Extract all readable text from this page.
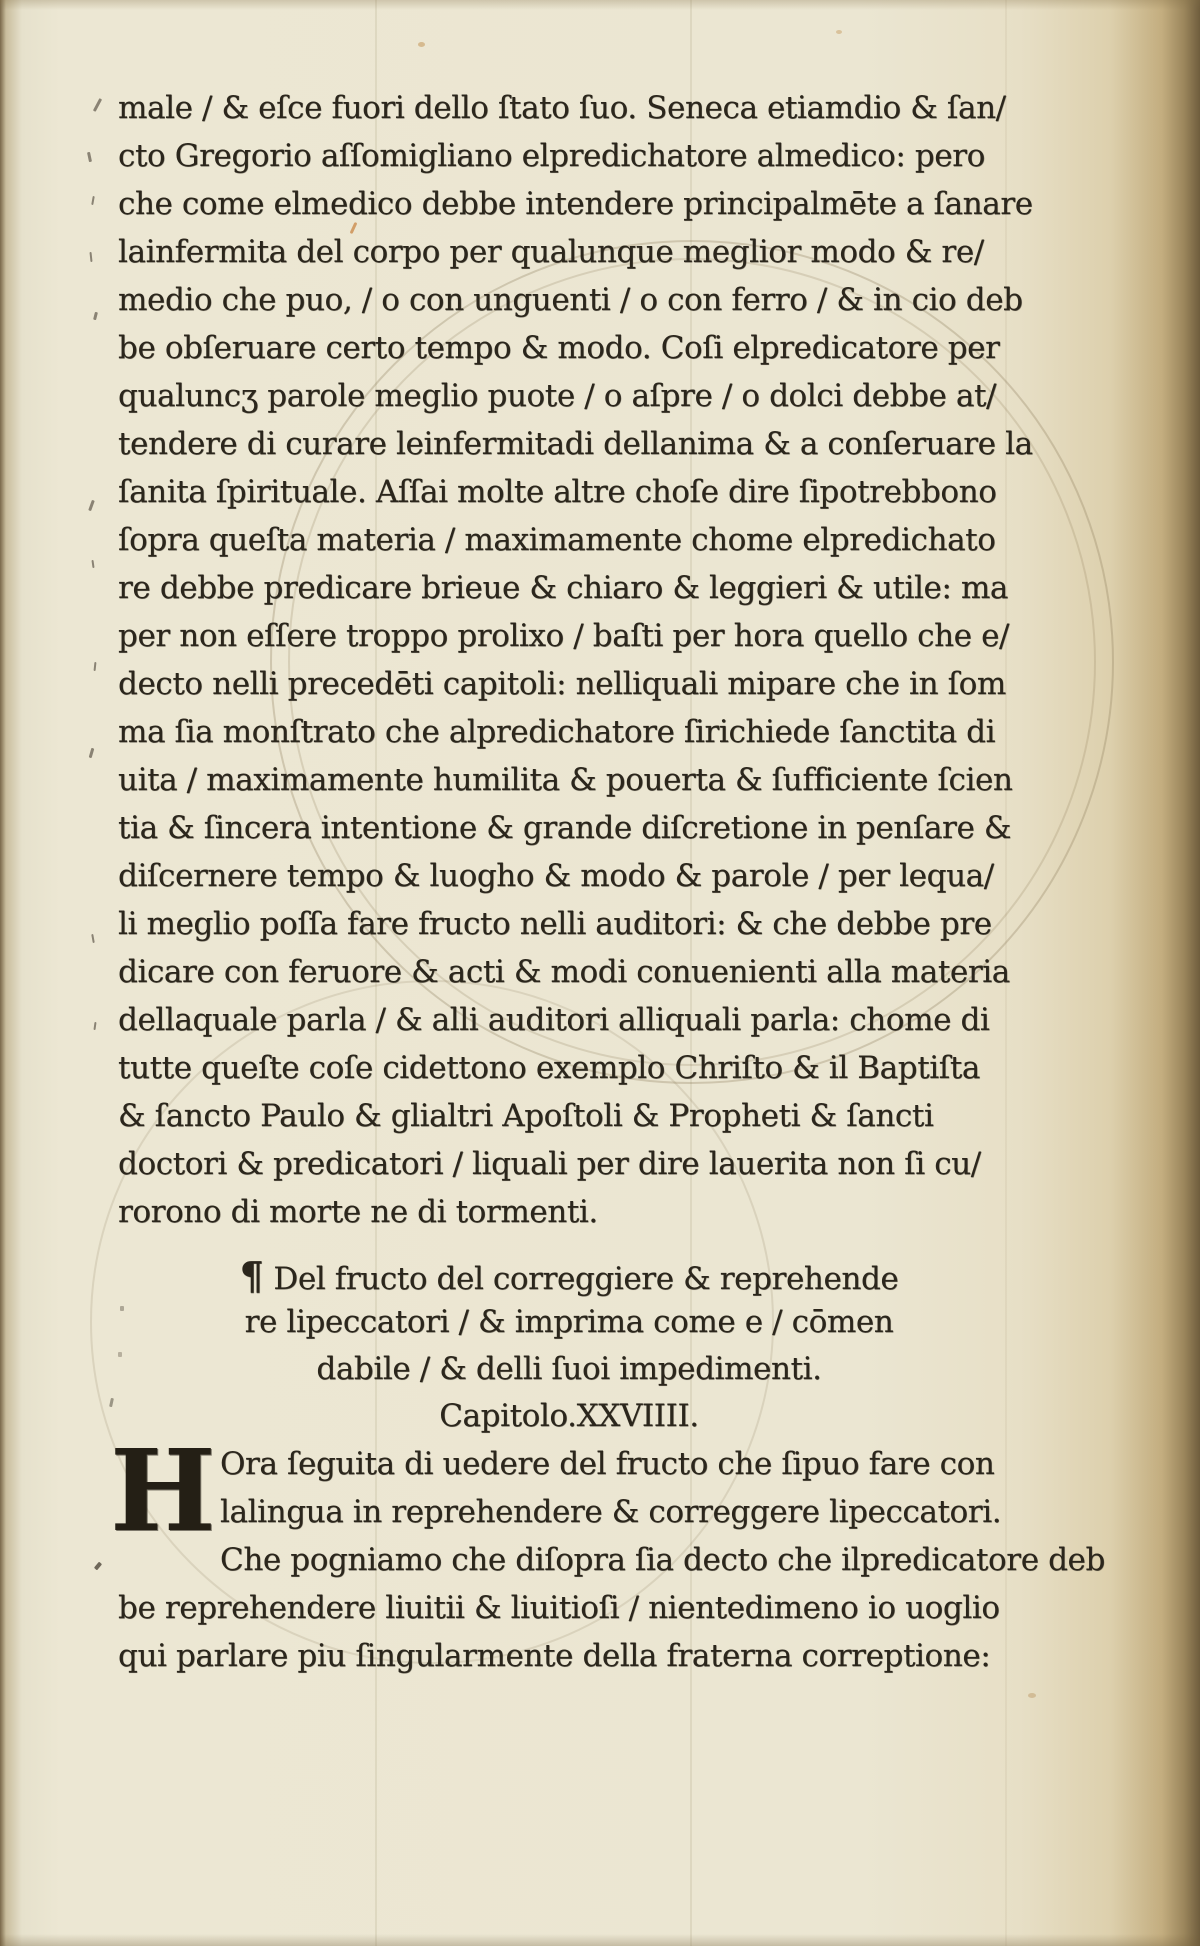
male / & eſce fuori dello ſtato ſuo. Seneca etiamdio & ſan/
cto Gregorio aſſomigliano elpredichatore almedico: pero
che come elmedico debbe intendere principalmēte a ſanare
lainfermita del corpo per qualunque meglior modo & re/
medio che puo, / o con unguenti / o con ferro / & in cio deb
be obſeruare certo tempo & modo. Coſi elpredicatore per
qualuncʒ parole meglio puote / o aſpre / o dolci debbe at/
tendere di curare leinfermitadi dellanima & a conſeruare la
ſanita ſpirituale. Aſſai molte altre choſe dire ſipotrebbono
ſopra queſta materia / maximamente chome elpredichato
re debbe predicare brieue & chiaro & leggieri & utile: ma
per non eſſere troppo prolixo / baſti per hora quello che e/
decto nelli precedēti capitoli: nelliquali mipare che in ſom
ma ſia monſtrato che alpredichatore ſirichiede ſanctita di
uita / maximamente humilita & pouerta & ſufficiente ſcien
tia & ſincera intentione & grande diſcretione in penſare &
diſcernere tempo & luogho & modo & parole / per lequa/
li meglio poſſa fare fructo nelli auditori: & che debbe pre
dicare con feruore & acti & modi conuenienti alla materia
dellaquale parla / & alli auditori alliquali parla: chome di
tutte queſte coſe cidettono exemplo Chriſto & il Baptiſta
& ſancto Paulo & glialtri Apoſtoli & Propheti & ſancti
doctori & predicatori / liquali per dire lauerita non ſi cu/
rorono di morte ne di tormenti.
¶ Del fructo del correggiere & reprehende
re lipeccatori / & imprima come e / cōmen
dabile / & delli ſuoi impedimenti.
Capitolo.XXVIIII.
H Ora ſeguita di uedere del fructo che ſipuo fare con
lalingua in reprehendere & correggere lipeccatori.
Che pogniamo che diſopra ſia decto che ilpredicatore deb
be reprehendere liuitii & liuitioſi / nientedimeno io uoglio
qui parlare piu ſingularmente della fraterna correptione:
